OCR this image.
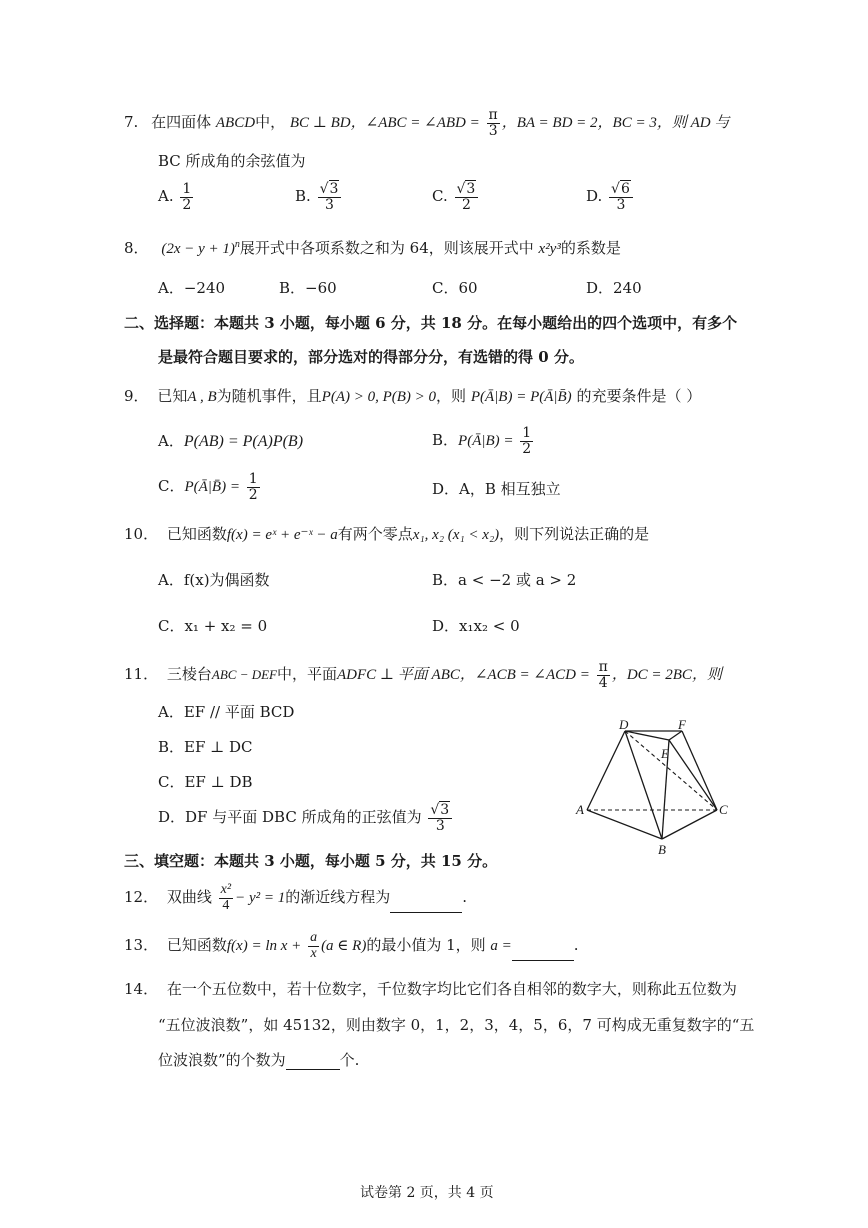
7. 在四面体 ABCD中， BC ⊥ BD，∠ABC = ∠ABD = $\frac{\pi}{3}$ ，BA = BD = 2，BC = 3，则 AD 与
BC 所成角的余弦值为
A. $\frac{1}{2}$	B. $\frac{√3}{3}$	C. $\frac{√3}{2}$	D. $\frac{√6}{3}$
8． $(2x - y + 1)^n$展开式中各项系数之和为 64，则该展开式中 x²y³的系数是
A．−240	B．−60	C．60	D．240
二、选择题：本题共 3 小题，每小题 6 分，共 18 分。在每小题给出的四个选项中，有多个
是最符合题目要求的，部分选对的得部分分，有选错的得 0 分。
9． 已知A , B为随机事件，且P(A) > 0, P(B) > 0，则 P(Ā|B) = P(Ā|B̄) 的充要条件是（ ）
A．P(AB) = P(A)P(B)	B．P(Ā|B) = $\frac{1}{2}$
C．P(Ā|B̄) = $\frac{1}{2}$	D．A，B 相互独立
10． 已知函数f(x) = eˣ + e⁻ˣ − a有两个零点x₁, x₂ (x₁ < x₂)，则下列说法正确的是
A．f(x)为偶函数	B．a < −2 或 a > 2
C．x₁ + x₂ = 0	D．x₁x₂ < 0
11． 三棱台ABC − DEF中，平面ADFC ⊥ 平面 ABC，∠ACB = ∠ACD = $\frac{\pi}{4}$ ，DC = 2BC，则
A．EF // 平面 BCD
B．EF ⊥ DC
C．EF ⊥ DB
D．DF 与平面 DBC 所成角的正弦值为 $\frac{√3}{3}$	A
B
C
D
E
F
三、填空题：本题共 3 小题，每小题 5 分，共 15 分。
12． 双曲线 $\frac{\text{x²}}{4} - y^2 = 1$的渐近线方程为	.
13． 已知函数$f(x) = \ln x + \frac{a}{x} (a$ ∈ R)的最小值为 1，则 a =	.
14． 在一个五位数中，若十位数字，千位数字均比它们各自相邻的数字大，则称此五位数为
“五位波浪数”，如 45132，则由数字 0，1，2，3，4，5，6，7 可构成无重复数字的“五
位波浪数”的个数为	个.
试卷第 2 页，共 4 页
